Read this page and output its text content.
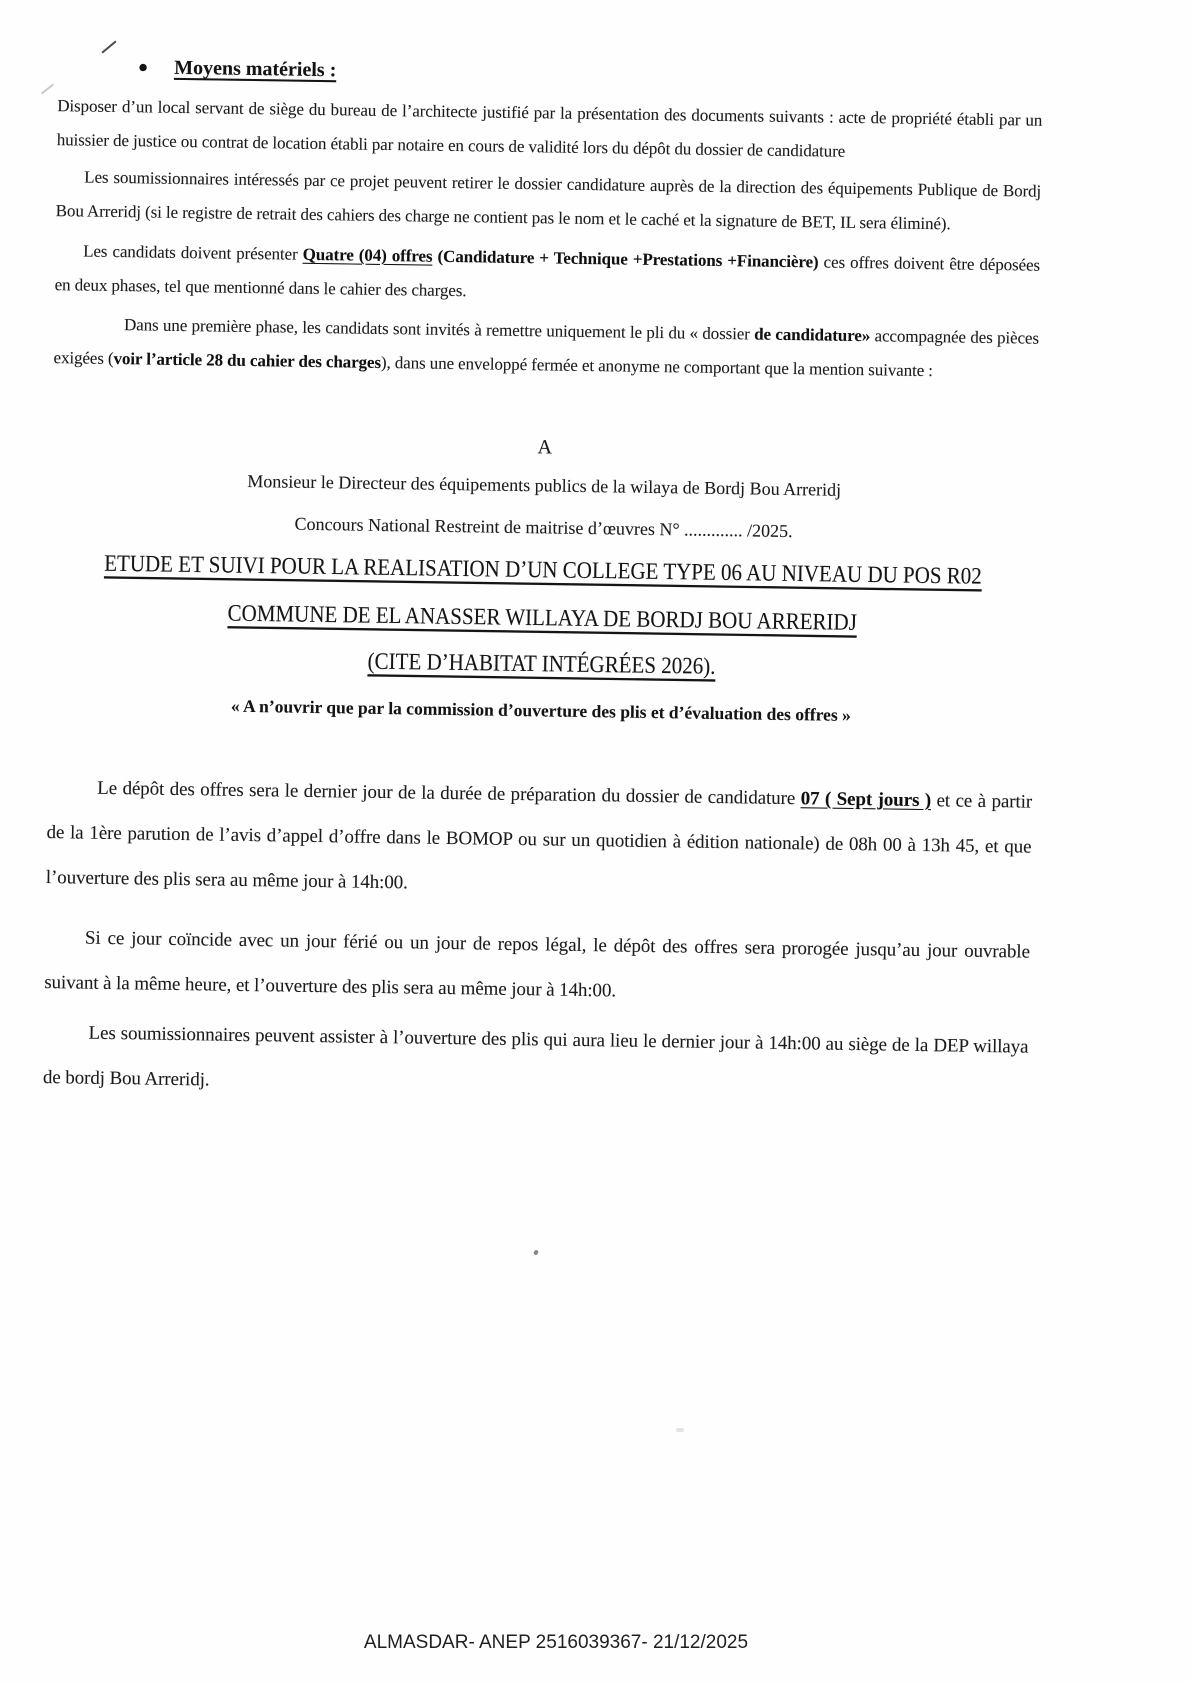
● Moyens matériels :

Disposer d’un local servant de siège du bureau de l’architecte justifié par la présentation des documents suivants : acte de propriété établi par un huissier de justice ou contrat de location établi par notaire en cours de validité lors du dépôt du dossier de candidature

Les soumissionnaires intéressés par ce projet peuvent retirer le dossier candidature auprès de la direction des équipements Publique de Bordj Bou Arreridj (si le registre de retrait des cahiers des charge ne contient pas le nom et le caché et la signature de BET, IL sera éliminé).

Les candidats doivent présenter Quatre (04) offres (Candidature + Technique +Prestations +Financière) ces offres doivent être déposées en deux phases, tel que mentionné dans le cahier des charges.

Dans une première phase, les candidats sont invités à remettre uniquement le pli du « dossier de candidature» accompagnée des pièces exigées (voir l’article 28 du cahier des charges), dans une enveloppé fermée et anonyme ne comportant que la mention suivante :

A

Monsieur le Directeur des équipements publics de la wilaya de Bordj Bou Arreridj

Concours National Restreint de maitrise d’œuvres N° ............. /2025.

ETUDE ET SUIVI POUR LA REALISATION D’UN COLLEGE TYPE 06 AU NIVEAU DU POS R02

COMMUNE DE EL ANASSER WILLAYA DE BORDJ BOU ARRERIDJ

(CITE D’HABITAT INTÉGRÉES 2026).

« A n’ouvrir que par la commission d’ouverture des plis et d’évaluation des offres »

Le dépôt des offres sera le dernier jour de la durée de préparation du dossier de candidature 07 ( Sept jours ) et ce à partir de la 1ère parution de l’avis d’appel d’offre dans le BOMOP ou sur un quotidien à édition nationale) de 08h 00 à 13h 45, et que l’ouverture des plis sera au même jour à 14h:00.

Si ce jour coïncide avec un jour férié ou un jour de repos légal, le dépôt des offres sera prorogée jusqu’au jour ouvrable suivant à la même heure, et l’ouverture des plis sera au même jour à 14h:00.

Les soumissionnaires peuvent assister à l’ouverture des plis qui aura lieu le dernier jour à 14h:00 au siège de la DEP willaya de bordj Bou Arreridj.

ALMASDAR- ANEP 2516039367- 21/12/2025
